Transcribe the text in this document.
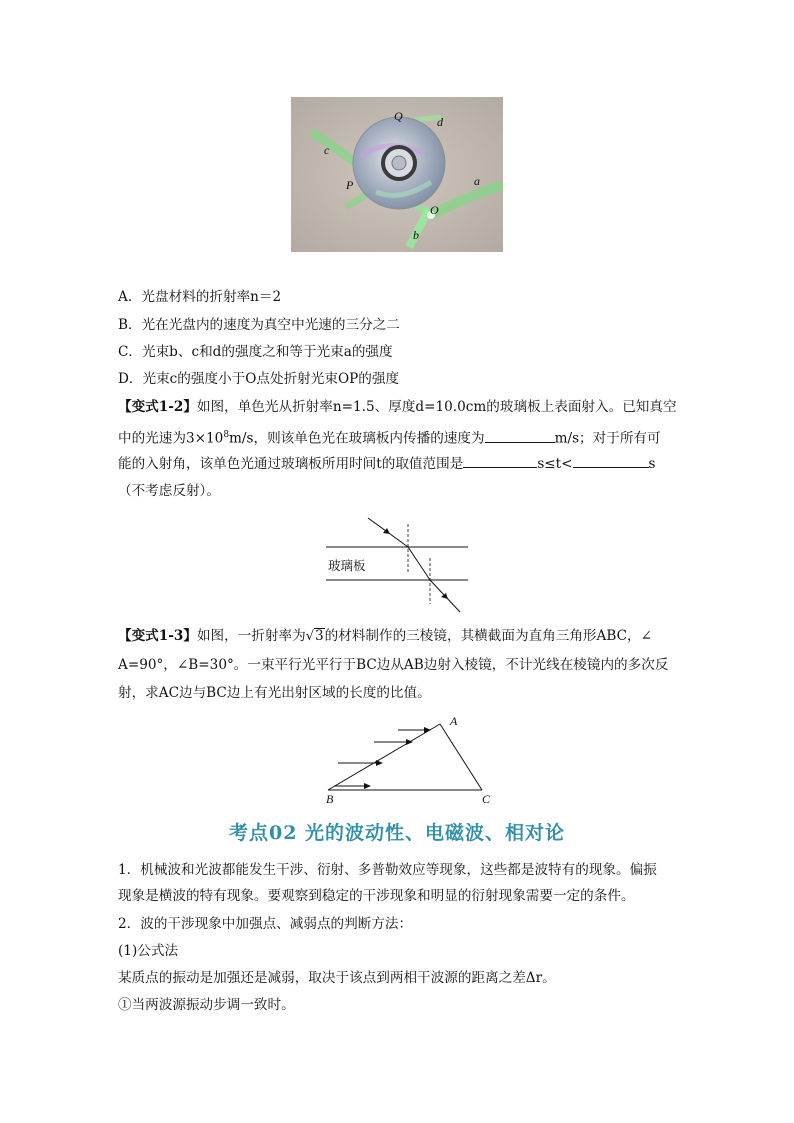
Q	d
c
a
P
O
b
A．光盘材料的折射率n＝2
B．光在光盘内的速度为真空中光速的三分之二
C．光束b、c和d的强度之和等于光束a的强度
D．光束c的强度小于O点处折射光束OP的强度
【变式1-2】如图，单色光从折射率n=1.5、厚度d=10.0cm的玻璃板上表面射入。已知真空
中的光速为$3\times 10^8m/s$，则该单色光在玻璃板内传播的速度为	m/s；对于所有可
能的入射角，该单色光通过玻璃板所用时间t的取值范围是	s≤t<	s
（不考虑反射）。
玻璃板
【变式1-3】如图，一折射率为√3的材料制作的三棱镜，其横截面为直角三角形ABC，∠
A=90°，∠B=30°。一束平行光平行于BC边从AB边射入棱镜，不计光线在棱镜内的多次反
射，求AC边与BC边上有光出射区域的长度的比值。
A
B	C
考点02 光的波动性、电磁波、相对论
1．机械波和光波都能发生干涉、衍射、多普勒效应等现象，这些都是波特有的现象。偏振
现象是横波的特有现象。要观察到稳定的干涉现象和明显的衍射现象需要一定的条件。
2．波的干涉现象中加强点、减弱点的判断方法：
(1)公式法
某质点的振动是加强还是减弱，取决于该点到两相干波源的距离之差Δr。
①当两波源振动步调一致时。
